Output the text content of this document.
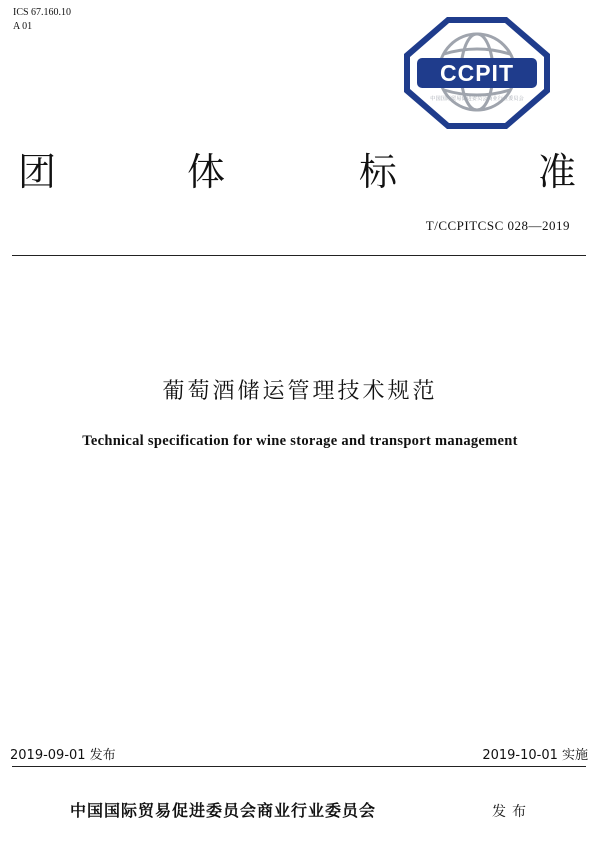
ICS 67.160.10
A 01
CCPIT
中国国际贸易促进委员会商业行业委员会
团	体	标	准
T/CCPITCSC 028—2019
葡萄酒储运管理技术规范
Technical specification for wine storage and transport management
2019-09-01 发布	2019-10-01 实施
中国国际贸易促进委员会商业行业委员会	发布
